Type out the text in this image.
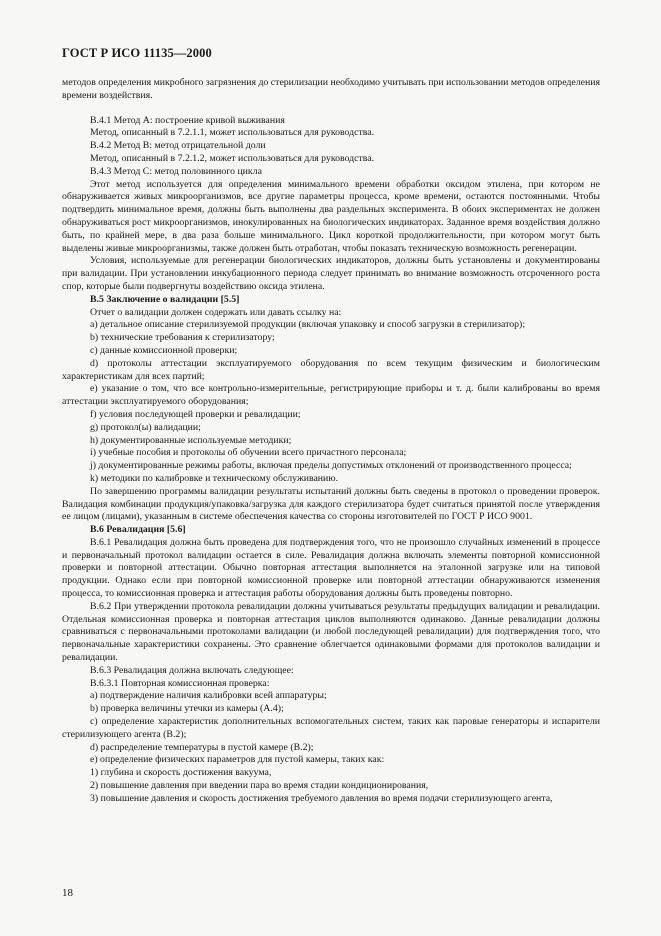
ГОСТ Р ИСО 11135—2000

методов определения микробного загрязнения до стерилизации необходимо учитывать при использовании методов определения времени воздействия.

В.4.1 Метод А: построение кривой выживания

Метод, описанный в 7.2.1.1, может использоваться для руководства.

В.4.2 Метод В: метод отрицательной доли

Метод, описанный в 7.2.1.2, может использоваться для руководства.

В.4.3 Метод С: метод половинного цикла

Этот метод используется для определения минимального времени обработки оксидом этилена, при котором не обнаруживается живых микроорганизмов, все другие параметры процесса, кроме времени, остаются постоянными. Чтобы подтвердить минимальное время, должны быть выполнены два раздельных эксперимента. В обоих экспериментах не должен обнаруживаться рост микроорганизмов, инокулированных на биологических индикаторах. Заданное время воздействия должно быть, по крайней мере, в два раза больше минимального. Цикл короткой продолжительности, при котором могут быть выделены живые микроорганизмы, также должен быть отработан, чтобы показать техническую возможность регенерации.

Условия, используемые для регенерации биологических индикаторов, должны быть установлены и документированы при валидации. При установлении инкубационного периода следует принимать во внимание возможность отсроченного роста спор, которые были подвергнуты воздействию оксида этилена.

В.5 Заключение о валидации [5.5]

Отчет о валидации должен содержать или давать ссылку на:

а) детальное описание стерилизуемой продукции (включая упаковку и способ загрузки в стерилизатор);

b) технические требования к стерилизатору;

с) данные комиссионной проверки;

d) протоколы аттестации эксплуатируемого оборудования по всем текущим физическим и биологическим характеристикам для всех партий;

е) указание о том, что все контрольно-измерительные, регистрирующие приборы и т. д. были калиброваны во время аттестации эксплуатируемого оборудования;

f) условия последующей проверки и ревалидации;

g) протокол(ы) валидации;

h) документированные используемые методики;

i) учебные пособия и протоколы об обучении всего причастного персонала;

j) документированные режимы работы, включая пределы допустимых отклонений от производственного процесса;

k) методики по калибровке и техническому обслуживанию.

По завершению программы валидации результаты испытаний должны быть сведены в протокол о проведении проверок. Валидация комбинации продукция/упаковка/загрузка для каждого стерилизатора будет считаться принятой после утверждения ее лицом (лицами), указанным в системе обеспечения качества со стороны изготовителей по ГОСТ Р ИСО 9001.

В.6 Ревалидация [5.6]

В.6.1 Ревалидация должна быть проведена для подтверждения того, что не произошло случайных изменений в процессе и первоначальный протокол валидации остается в силе. Ревалидация должна включать элементы повторной комиссионной проверки и повторной аттестации. Обычно повторная аттестация выполняется на эталонной загрузке или на типовой продукции. Однако если при повторной комиссионной проверке или повторной аттестации обнаруживаются изменения процесса, то комиссионная проверка и аттестация работы оборудования должны быть проведены повторно.

В.6.2 При утверждении протокола ревалидации должны учитываться результаты предыдущих валидации и ревалидации. Отдельная комиссионная проверка и повторная аттестация циклов выполняются одинаково. Данные ревалидации должны сравниваться с первоначальными протоколами валидации (и любой последующей ревалидации) для подтверждения того, что первоначальные характеристики сохранены. Это сравнение облегчается одинаковыми формами для протоколов валидации и ревалидации.

В.6.3 Ревалидация должна включать следующее:

В.6.3.1 Повторная комиссионная проверка:

а) подтверждение наличия калибровки всей аппаратуры;

b) проверка величины утечки из камеры (А.4);

с) определение характеристик дополнительных вспомогательных систем, таких как паровые генераторы и испарители стерилизующего агента (В.2);

d) распределение температуры в пустой камере (В.2);

е) определение физических параметров для пустой камеры, таких как:

1) глубина и скорость достижения вакуума,

2) повышение давления при введении пара во время стадии кондиционирования,

3) повышение давления и скорость достижения требуемого давления во время подачи стерилизующего агента,

18
